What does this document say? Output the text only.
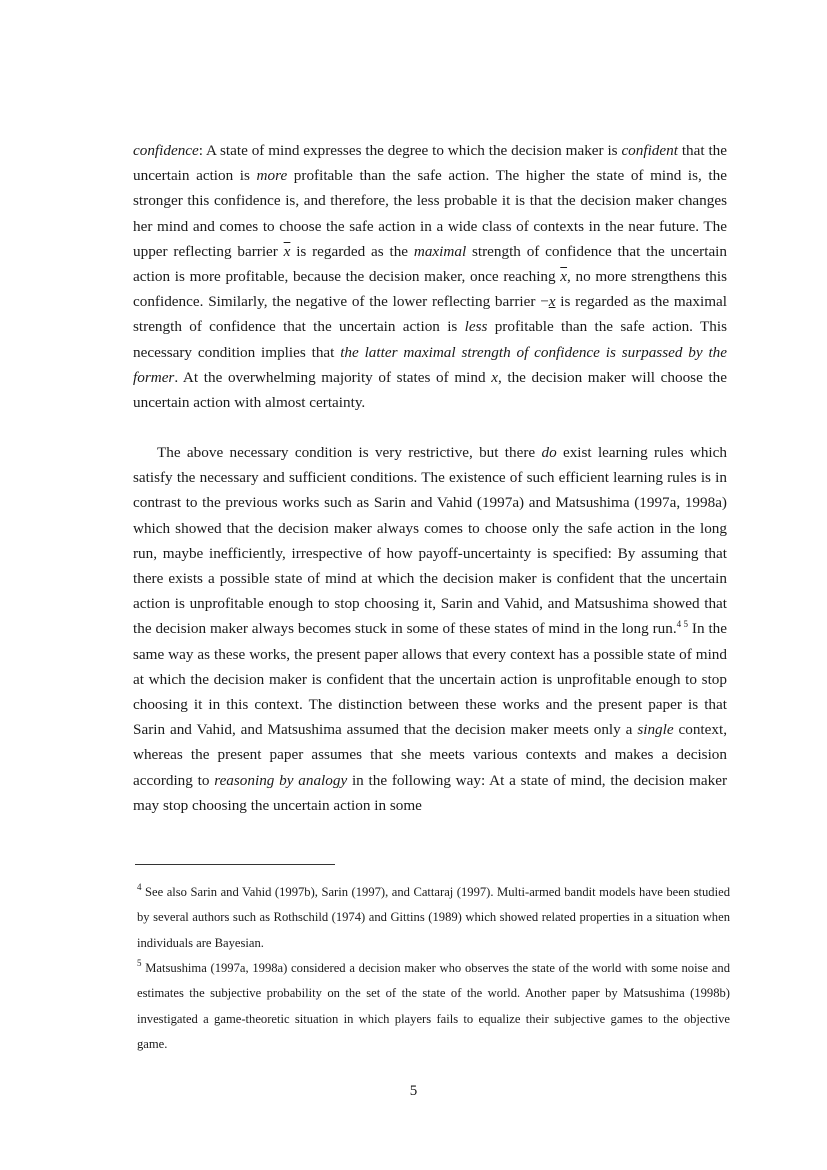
confidence: A state of mind expresses the degree to which the decision maker is confident that the uncertain action is more profitable than the safe action. The higher the state of mind is, the stronger this confidence is, and therefore, the less probable it is that the decision maker changes her mind and comes to choose the safe action in a wide class of contexts in the near future. The upper reflecting barrier $\overline{x}$ is regarded as the maximal strength of confidence that the uncertain action is more profitable, because the decision maker, once reaching $\overline{x}$, no more strengthens this confidence. Similarly, the negative of the lower reflecting barrier −x is regarded as the maximal strength of confidence that the uncertain action is less profitable than the safe action. This necessary condition implies that the latter maximal strength of confidence is surpassed by the former. At the overwhelming majority of states of mind x, the decision maker will choose the uncertain action with almost certainty.
The above necessary condition is very restrictive, but there do exist learning rules which satisfy the necessary and sufficient conditions. The existence of such efficient learning rules is in contrast to the previous works such as Sarin and Vahid (1997a) and Matsushima (1997a, 1998a) which showed that the decision maker always comes to choose only the safe action in the long run, maybe inefficiently, irrespective of how payoff-uncertainty is specified: By assuming that there exists a possible state of mind at which the decision maker is confident that the uncertain action is unprofitable enough to stop choosing it, Sarin and Vahid, and Matsushima showed that the decision maker always becomes stuck in some of these states of mind in the long run.$^{4 5}$ In the same way as these works, the present paper allows that every context has a possible state of mind at which the decision maker is confident that the uncertain action is unprofitable enough to stop choosing it in this context. The distinction between these works and the present paper is that Sarin and Vahid, and Matsushima assumed that the decision maker meets only a single context, whereas the present paper assumes that she meets various contexts and makes a decision according to reasoning by analogy in the following way: At a state of mind, the decision maker may stop choosing the uncertain action in some
$^4$ See also Sarin and Vahid (1997b), Sarin (1997), and Cattaraj (1997). Multi-armed bandit models have been studied by several authors such as Rothschild (1974) and Gittins (1989) which showed related properties in a situation when individuals are Bayesian.
$^5$ Matsushima (1997a, 1998a) considered a decision maker who observes the state of the world with some noise and estimates the subjective probability on the set of the state of the world. Another paper by Matsushima (1998b) investigated a game-theoretic situation in which players fails to equalize their subjective games to the objective game.
5
